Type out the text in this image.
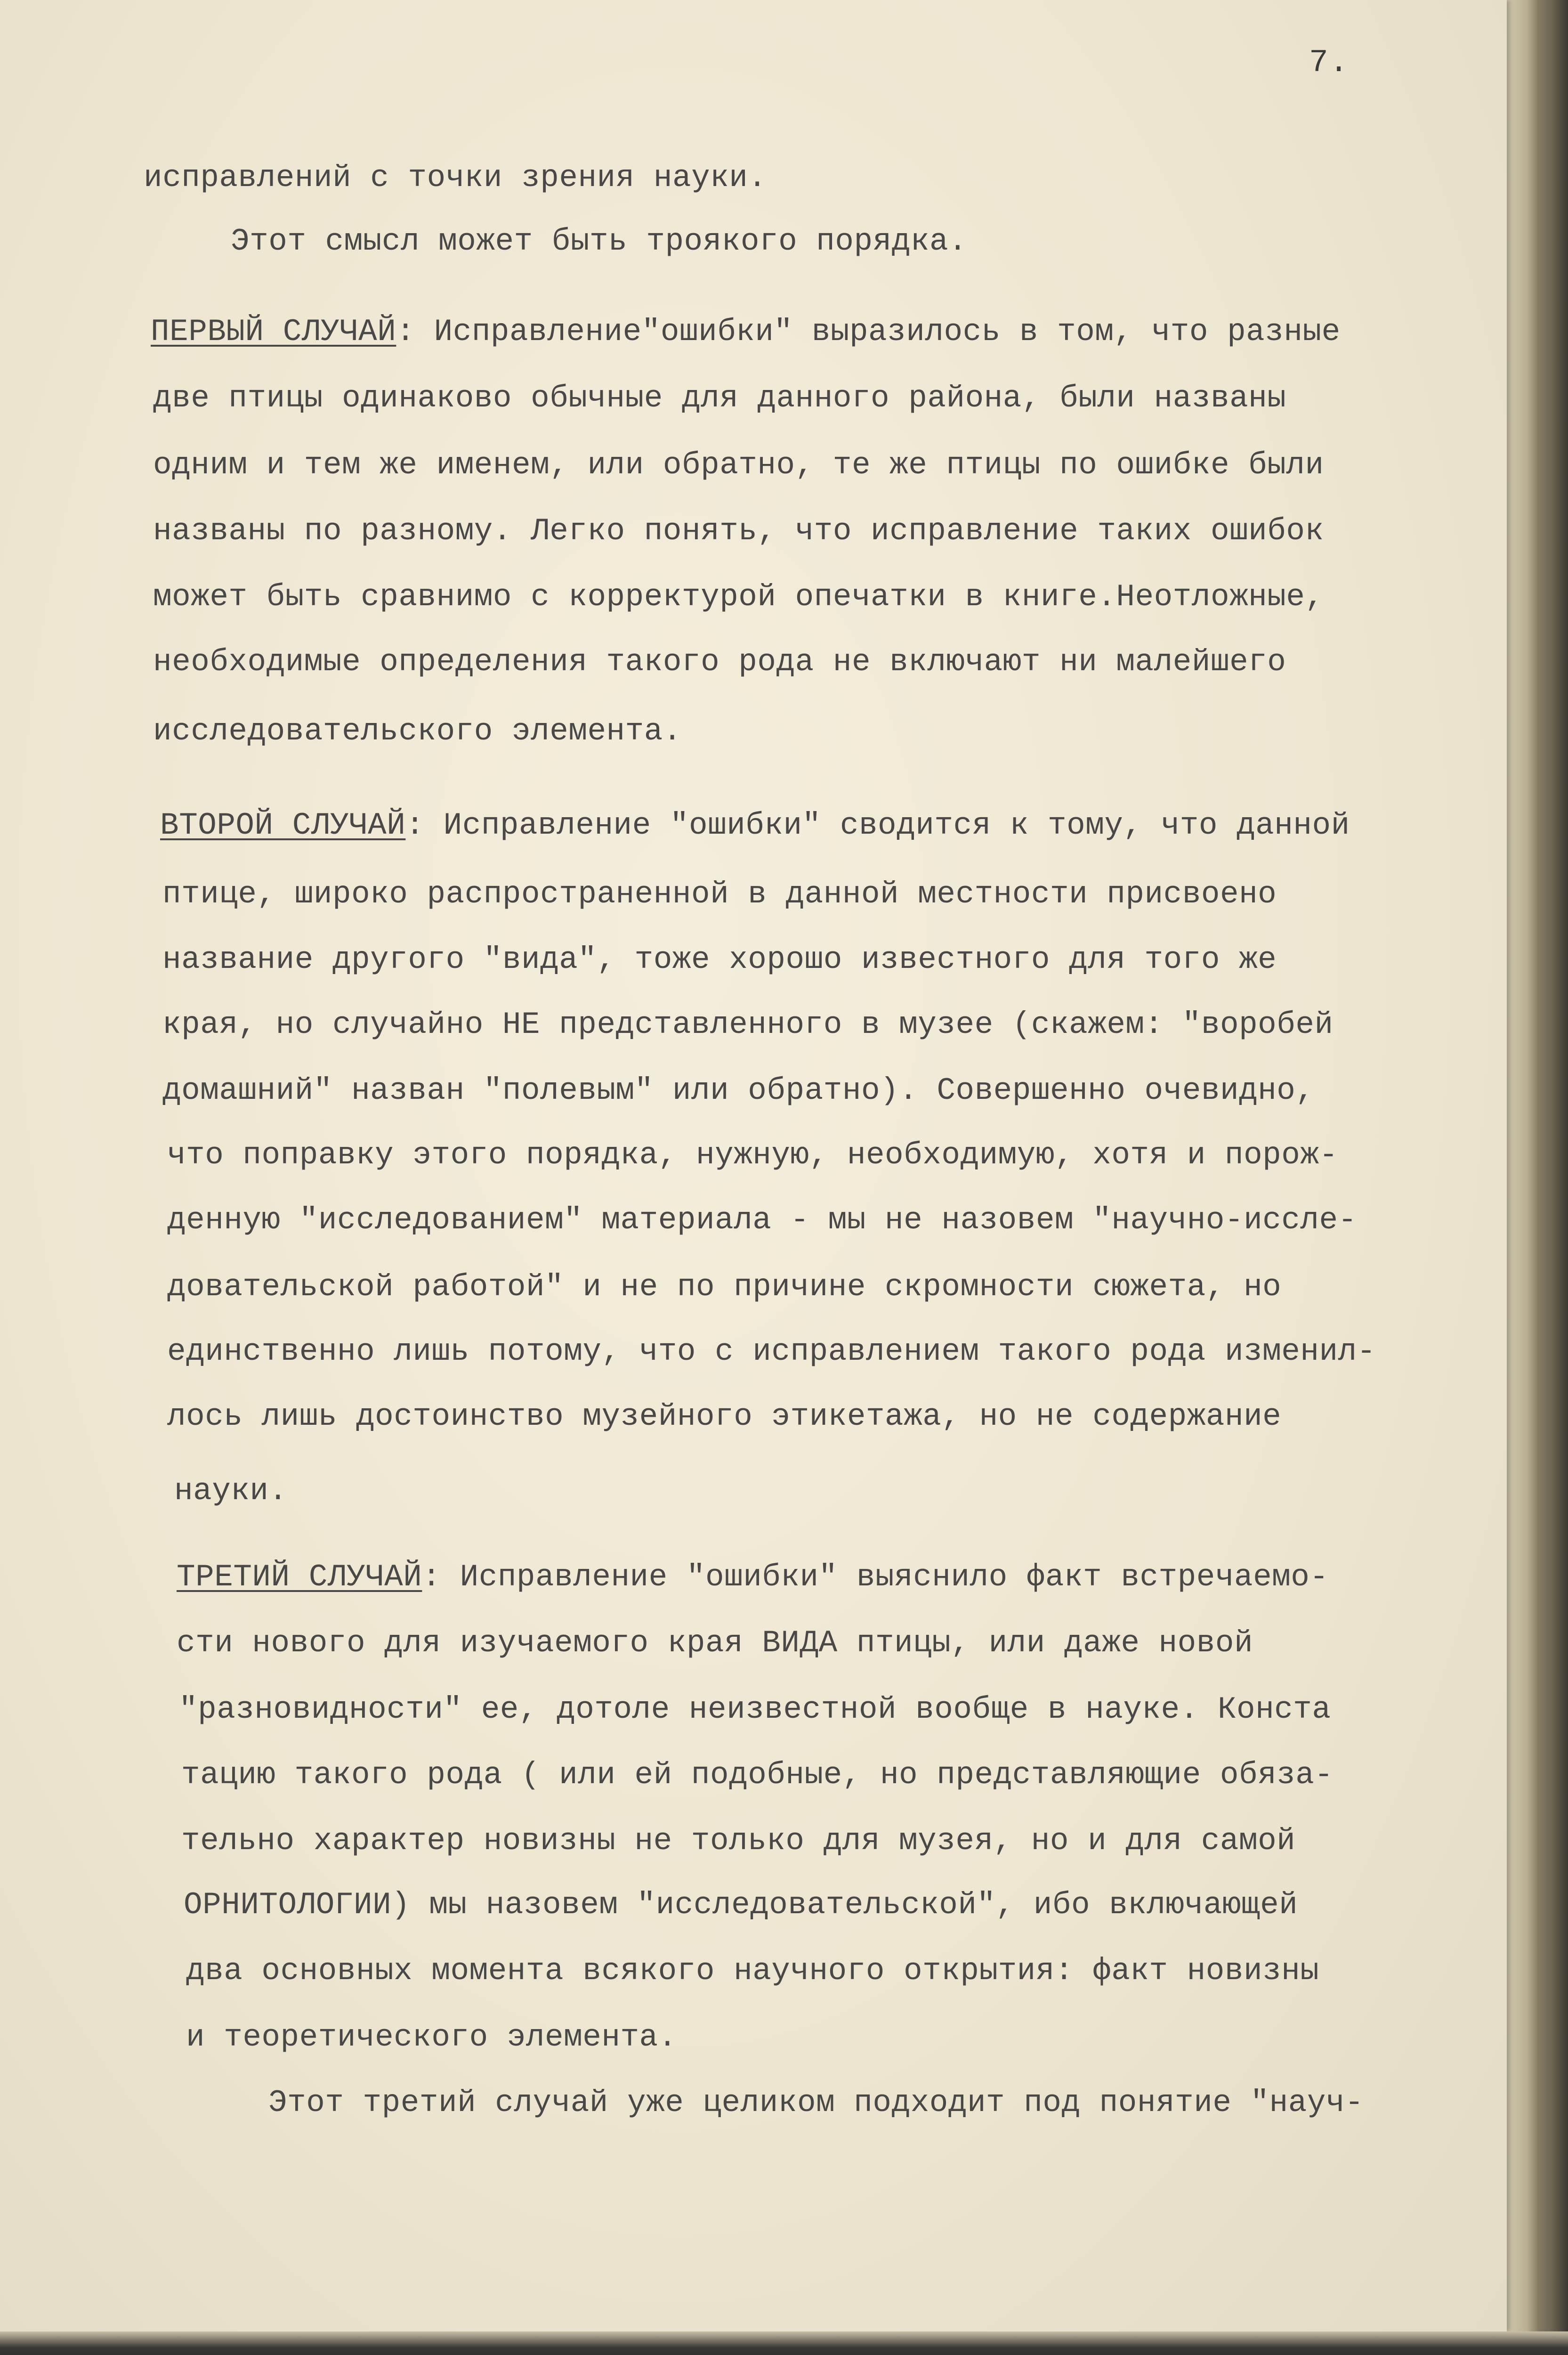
7.
исправлений с точки зрения науки.
Этот смысл может быть троякого порядка.
ПЕРВЫЙ СЛУЧАЙ: Исправление"ошибки" выразилось в том, что разные
две птицы одинаково обычные для данного района, были названы
одним и тем же именем, или обратно, те же птицы по ошибке были
названы по разному. Легко понять, что исправление таких ошибок
может быть сравнимо с корректурой опечатки в книге.Неотложные,
необходимые определения такого рода не включают ни малейшего
исследовательского элемента.
ВТОРОЙ СЛУЧАЙ: Исправление "ошибки" сводится к тому, что данной
птице, широко распространенной в данной местности присвоено
название другого "вида", тоже хорошо известного для того же
края, но случайно НЕ представленного в музее (скажем: "воробей
домашний" назван "полевым" или обратно). Совершенно очевидно,
что поправку этого порядка, нужную, необходимую, хотя и порож-
денную "исследованием" материала - мы не назовем "научно-иссле-
довательской работой" и не по причине скромности сюжета, но
единственно лишь потому, что с исправлением такого рода изменил-
лось лишь достоинство музейного этикетажа, но не содержание
науки.
ТРЕТИЙ СЛУЧАЙ: Исправление "ошибки" выяснило факт встречаемо-
сти нового для изучаемого края ВИДА птицы, или даже новой
"разновидности" ее, дотоле неизвестной вообще в науке. Конста
тацию такого рода ( или ей подобные, но представляющие обяза-
тельно характер новизны не только для музея, но и для самой
ОРНИТОЛОГИИ) мы назовем "исследовательской", ибо включающей
два основных момента всякого научного открытия: факт новизны
и теоретического элемента.
Этот третий случай уже целиком подходит под понятие "науч-
